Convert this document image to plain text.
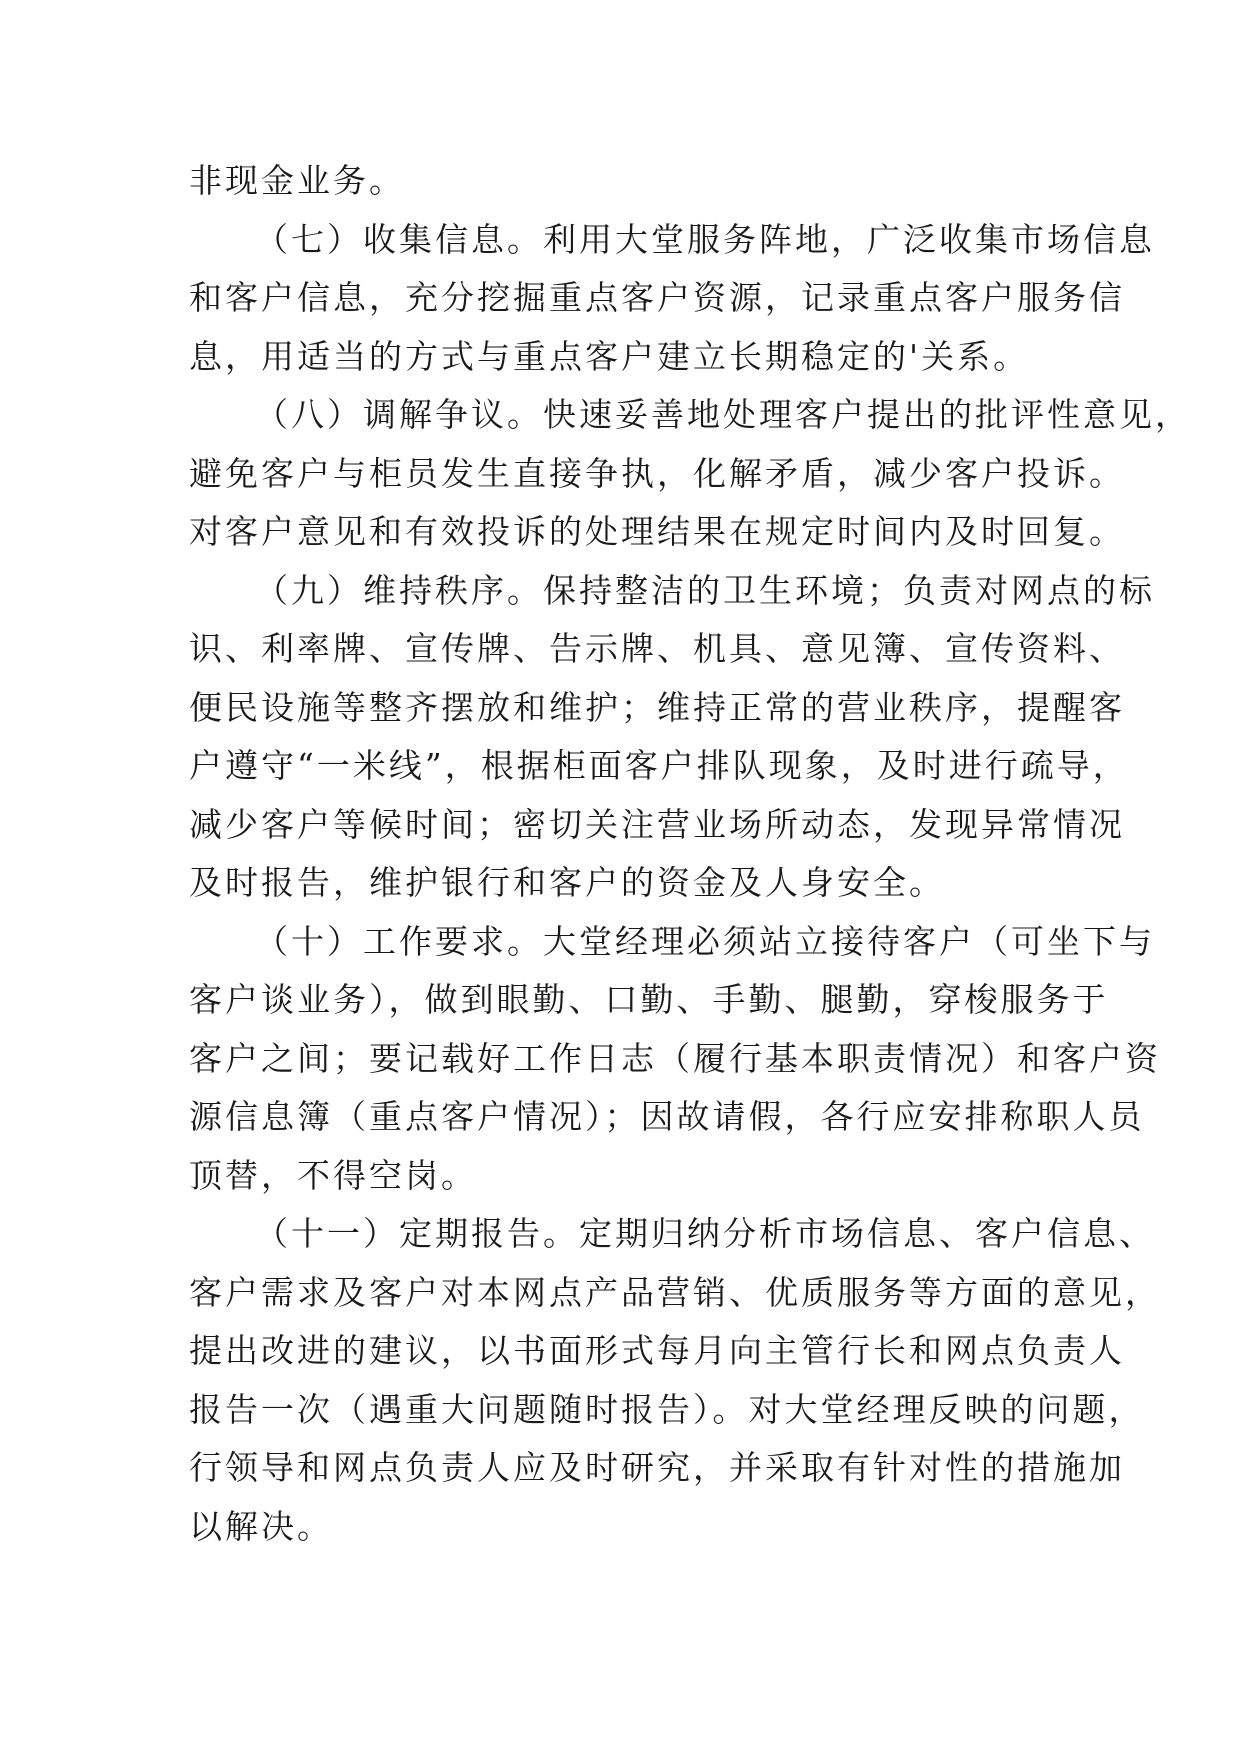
非现金业务。
（七）收集信息。利用大堂服务阵地，广泛收集市场信息
和客户信息，充分挖掘重点客户资源，记录重点客户服务信
息，用适当的方式与重点客户建立长期稳定的'关系。
（八）调解争议。快速妥善地处理客户提出的批评性意见，
避免客户与柜员发生直接争执，化解矛盾，减少客户投诉。
对客户意见和有效投诉的处理结果在规定时间内及时回复。
（九）维持秩序。保持整洁的卫生环境；负责对网点的标
识、利率牌、宣传牌、告示牌、机具、意见簿、宣传资料、
便民设施等整齐摆放和维护；维持正常的营业秩序，提醒客
户遵守“一米线”，根据柜面客户排队现象，及时进行疏导，
减少客户等候时间；密切关注营业场所动态，发现异常情况
及时报告，维护银行和客户的资金及人身安全。
（十）工作要求。大堂经理必须站立接待客户（可坐下与
客户谈业务），做到眼勤、口勤、手勤、腿勤，穿梭服务于
客户之间；要记载好工作日志（履行基本职责情况）和客户资
源信息簿（重点客户情况）；因故请假，各行应安排称职人员
顶替，不得空岗。
（十一）定期报告。定期归纳分析市场信息、客户信息、
客户需求及客户对本网点产品营销、优质服务等方面的意见，
提出改进的建议，以书面形式每月向主管行长和网点负责人
报告一次（遇重大问题随时报告）。对大堂经理反映的问题，
行领导和网点负责人应及时研究，并采取有针对性的措施加
以解决。
